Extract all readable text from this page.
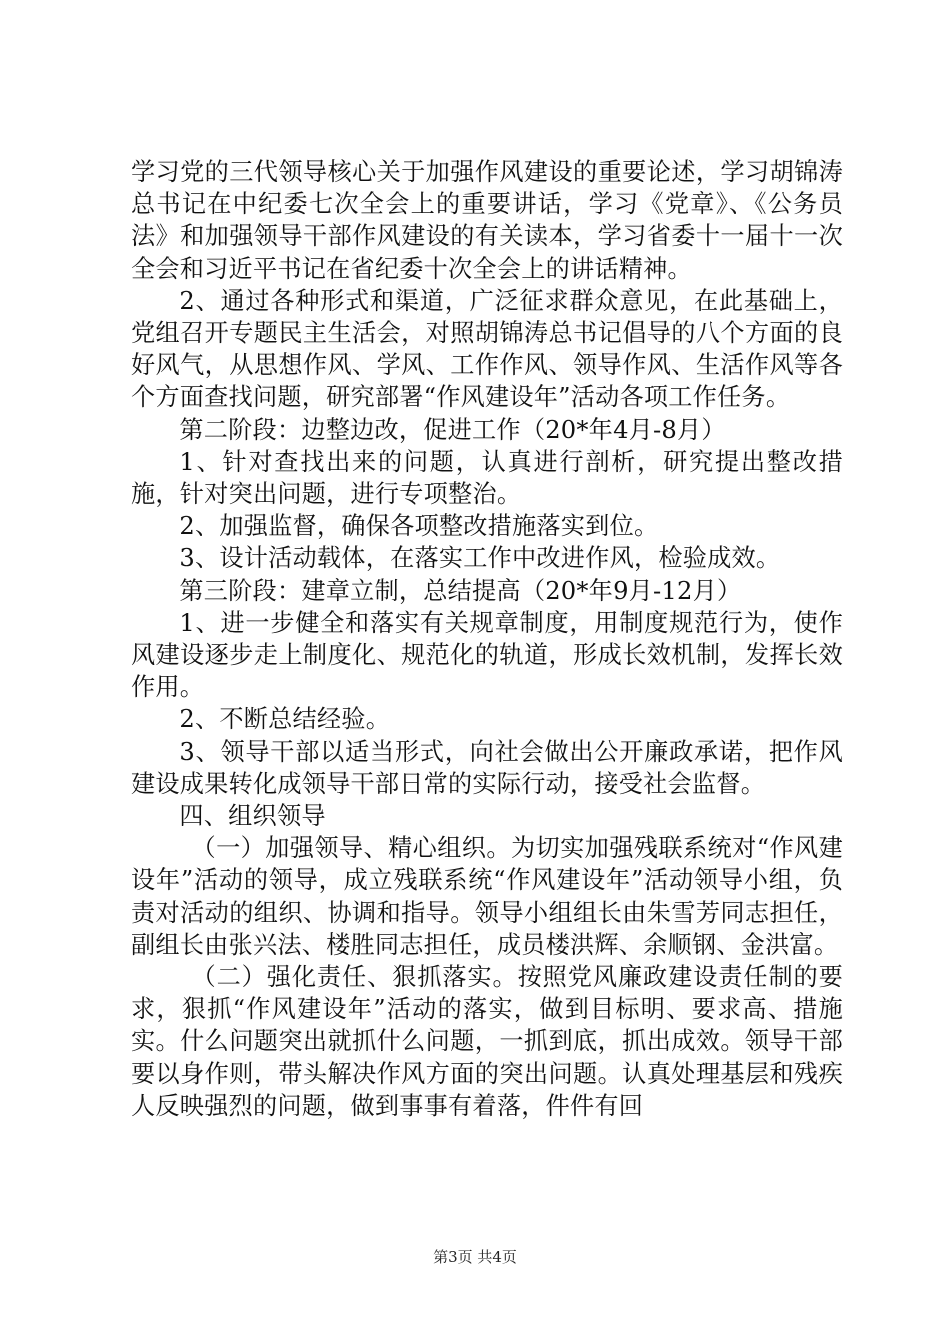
学习党的三代领导核心关于加强作风建设的重要论述，学习胡锦涛总书记在中纪委七次全会上的重要讲话，学习《党章》、《公务员法》和加强领导干部作风建设的有关读本，学习省委十一届十一次全会和习近平书记在省纪委十次全会上的讲话精神。

2、通过各种形式和渠道，广泛征求群众意见，在此基础上，党组召开专题民主生活会，对照胡锦涛总书记倡导的八个方面的良好风气，从思想作风、学风、工作作风、领导作风、生活作风等各个方面查找问题，研究部署“作风建设年”活动各项工作任务。

第二阶段：边整边改，促进工作（20*年4月-8月）

1、针对查找出来的问题，认真进行剖析，研究提出整改措施，针对突出问题，进行专项整治。

2、加强监督，确保各项整改措施落实到位。

3、设计活动载体，在落实工作中改进作风，检验成效。

第三阶段：建章立制，总结提高（20*年9月-12月）

1、进一步健全和落实有关规章制度，用制度规范行为，使作风建设逐步走上制度化、规范化的轨道，形成长效机制，发挥长效作用。

2、不断总结经验。

3、领导干部以适当形式，向社会做出公开廉政承诺，把作风建设成果转化成领导干部日常的实际行动，接受社会监督。

四、组织领导

（一）加强领导、精心组织。为切实加强残联系统对“作风建设年”活动的领导，成立残联系统“作风建设年”活动领导小组，负责对活动的组织、协调和指导。领导小组组长由朱雪芳同志担任，副组长由张兴法、楼胜同志担任，成员楼洪辉、余顺钢、金洪富。

（二）强化责任、狠抓落实。按照党风廉政建设责任制的要求，狠抓“作风建设年”活动的落实，做到目标明、要求高、措施实。什么问题突出就抓什么问题，一抓到底，抓出成效。领导干部要以身作则，带头解决作风方面的突出问题。认真处理基层和残疾人反映强烈的问题，做到事事有着落，件件有回

第3页 共4页
